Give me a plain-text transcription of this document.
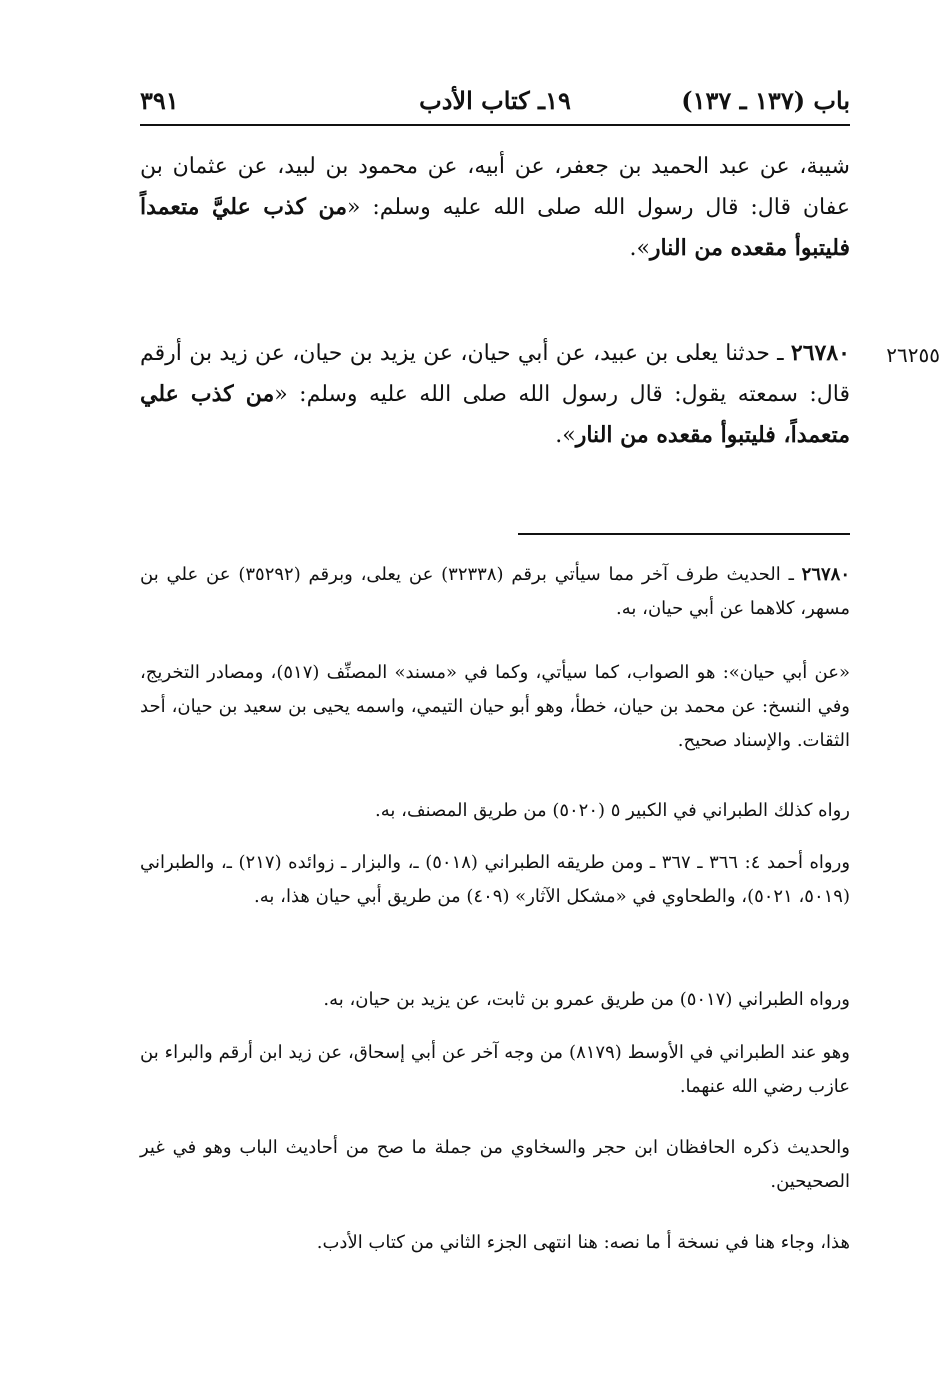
باب (١٣٧ ـ ١٣٧)
١٩ـ كتاب الأدب
٣٩١

شيبة، عن عبد الحميد بن جعفر، عن أبيه، عن محمود بن لبيد، عن عثمان بن عفان قال: قال رسول الله صلى الله عليه وسلم: «من كذب عليَّ متعمداً فليتبوأ مقعده من النار».

٢٦٢٥٥

٢٦٧٨٠ ـ حدثنا يعلى بن عبيد، عن أبي حيان، عن يزيد بن حيان، عن زيد بن أرقم قال: سمعته يقول: قال رسول الله صلى الله عليه وسلم: «من كذب علي متعمداً، فليتبوأ مقعده من النار».

٢٦٧٨٠ ـ الحديث طرف آخر مما سيأتي برقم (٣٢٣٣٨) عن يعلى، وبرقم (٣٥٢٩٢) عن علي بن مسهر، كلاهما عن أبي حيان، به.

«عن أبي حيان»: هو الصواب، كما سيأتي، وكما في «مسند» المصنِّف (٥١٧)، ومصادر التخريج، وفي النسخ: عن محمد بن حيان، خطأ، وهو أبو حيان التيمي، واسمه يحيى بن سعيد بن حيان، أحد الثقات. والإسناد صحيح.

رواه كذلك الطبراني في الكبير ٥ (٥٠٢٠) من طريق المصنف، به.

ورواه أحمد ٤: ٣٦٦ ـ ٣٦٧ ـ ومن طريقه الطبراني (٥٠١٨) ـ، والبزار ـ زوائده (٢١٧) ـ، والطبراني (٥٠١٩، ٥٠٢١)، والطحاوي في «مشكل الآثار» (٤٠٩) من طريق أبي حيان هذا، به.

ورواه الطبراني (٥٠١٧) من طريق عمرو بن ثابت، عن يزيد بن حيان، به.

وهو عند الطبراني في الأوسط (٨١٧٩) من وجه آخر عن أبي إسحاق، عن زيد ابن أرقم والبراء بن عازب رضي الله عنهما.

والحديث ذكره الحافظان ابن حجر والسخاوي من جملة ما صح من أحاديث الباب وهو في غير الصحيحين.

هذا، وجاء هنا في نسخة أ ما نصه: هنا انتهى الجزء الثاني من كتاب الأدب.
